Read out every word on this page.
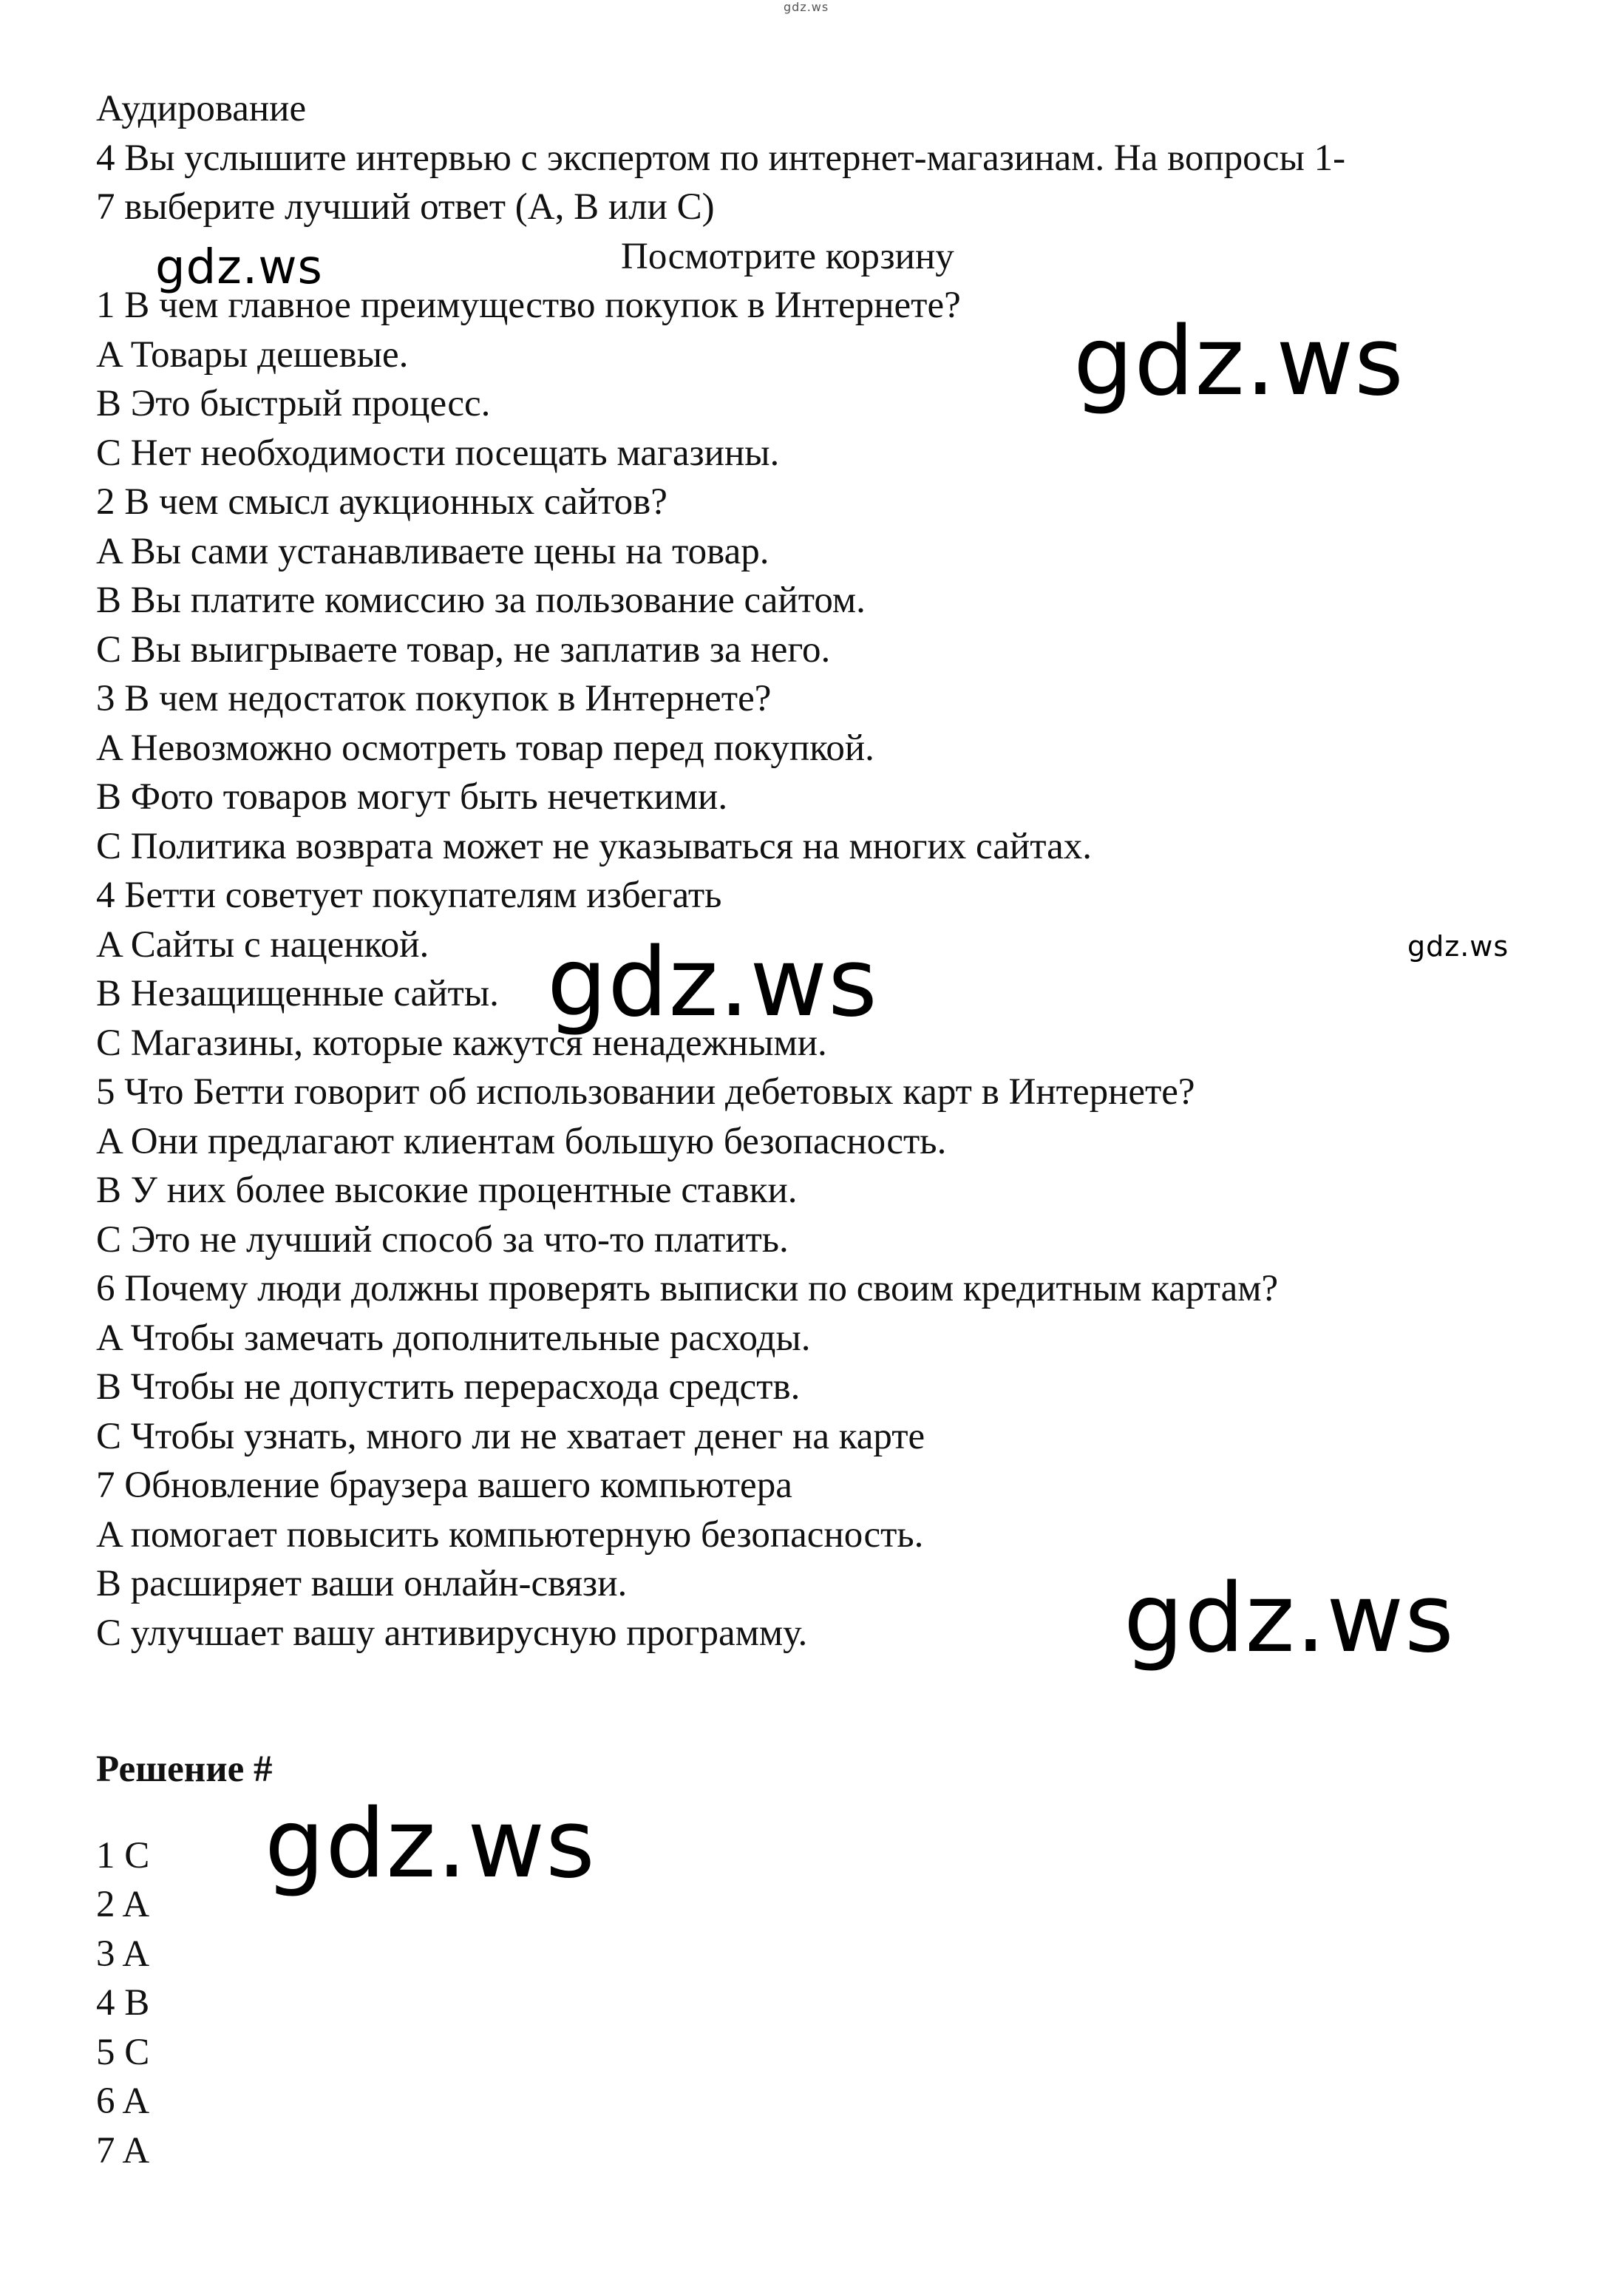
gdz.ws
Аудирование
4 Вы услышите интервью с экспертом по интернет-магазинам. На вопросы 1-
7 выберите лучший ответ (A, B или C)
Посмотрите корзину
1 В чем главное преимущество покупок в Интернете?
A Товары дешевые.
B Это быстрый процесс.
C Нет необходимости посещать магазины.
2 В чем смысл аукционных сайтов?
A Вы сами устанавливаете цены на товар.
B Вы платите комиссию за пользование сайтом.
C Вы выигрываете товар, не заплатив за него.
3 В чем недостаток покупок в Интернете?
A Невозможно осмотреть товар перед покупкой.
B Фото товаров могут быть нечеткими.
C Политика возврата может не указываться на многих сайтах.
4 Бетти советует покупателям избегать
A Сайты с наценкой.
B Незащищенные сайты.
C Магазины, которые кажутся ненадежными.
5 Что Бетти говорит об использовании дебетовых карт в Интернете?
A Они предлагают клиентам большую безопасность.
B У них более высокие процентные ставки.
C Это не лучший способ за что-то платить.
6 Почему люди должны проверять выписки по своим кредитным картам?
A Чтобы замечать дополнительные расходы.
B Чтобы не допустить перерасхода средств.
C Чтобы узнать, много ли не хватает денег на карте
7 Обновление браузера вашего компьютера
A помогает повысить компьютерную безопасность.
B расширяет ваши онлайн-связи.
C улучшает вашу антивирусную программу.
Решение #
1 C
2 A
3 A
4 B
5 C
6 A
7 A
gdz.ws
gdz.ws
gdz.ws
gdz.ws
gdz.ws
gdz.ws
